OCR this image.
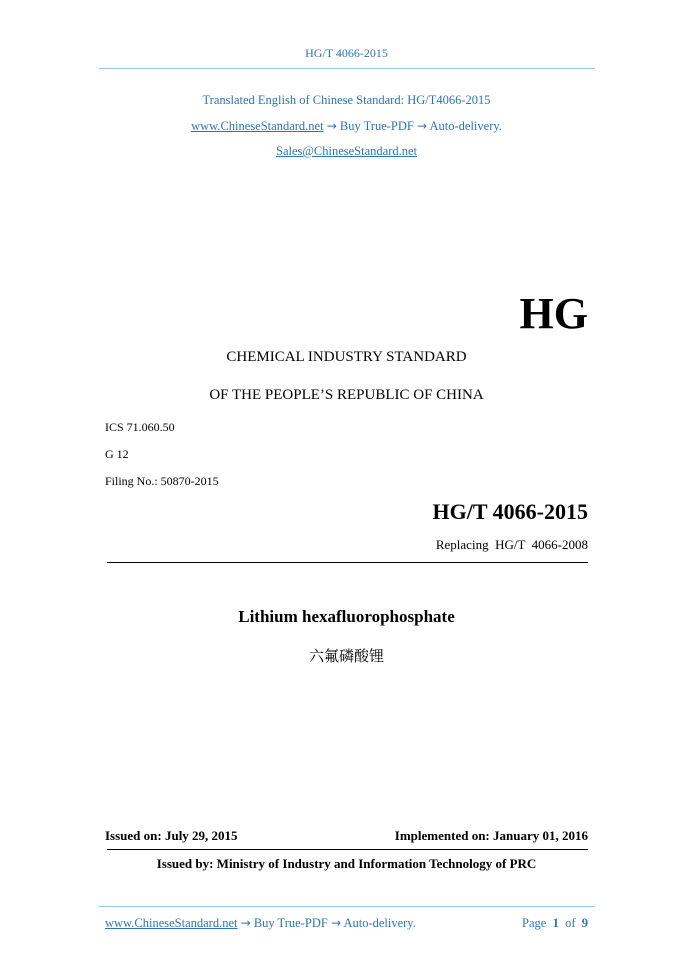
HG/T 4066-2015
Translated English of Chinese Standard: HG/T4066-2015
www.ChineseStandard.net → Buy True-PDF → Auto-delivery.
Sales@ChineseStandard.net
HG
CHEMICAL INDUSTRY STANDARD
OF THE PEOPLE’S REPUBLIC OF CHINA
ICS 71.060.50
G 12
Filing No.: 50870-2015
HG/T 4066-2015
Replacing  HG/T  4066-2008
Lithium hexafluorophosphate
六氟磷酸锂
Issued on: July 29, 2015	Implemented on: January 01, 2016
Issued by: Ministry of Industry and Information Technology of PRC
www.ChineseStandard.net → Buy True-PDF → Auto-delivery.	Page 1 of 9
